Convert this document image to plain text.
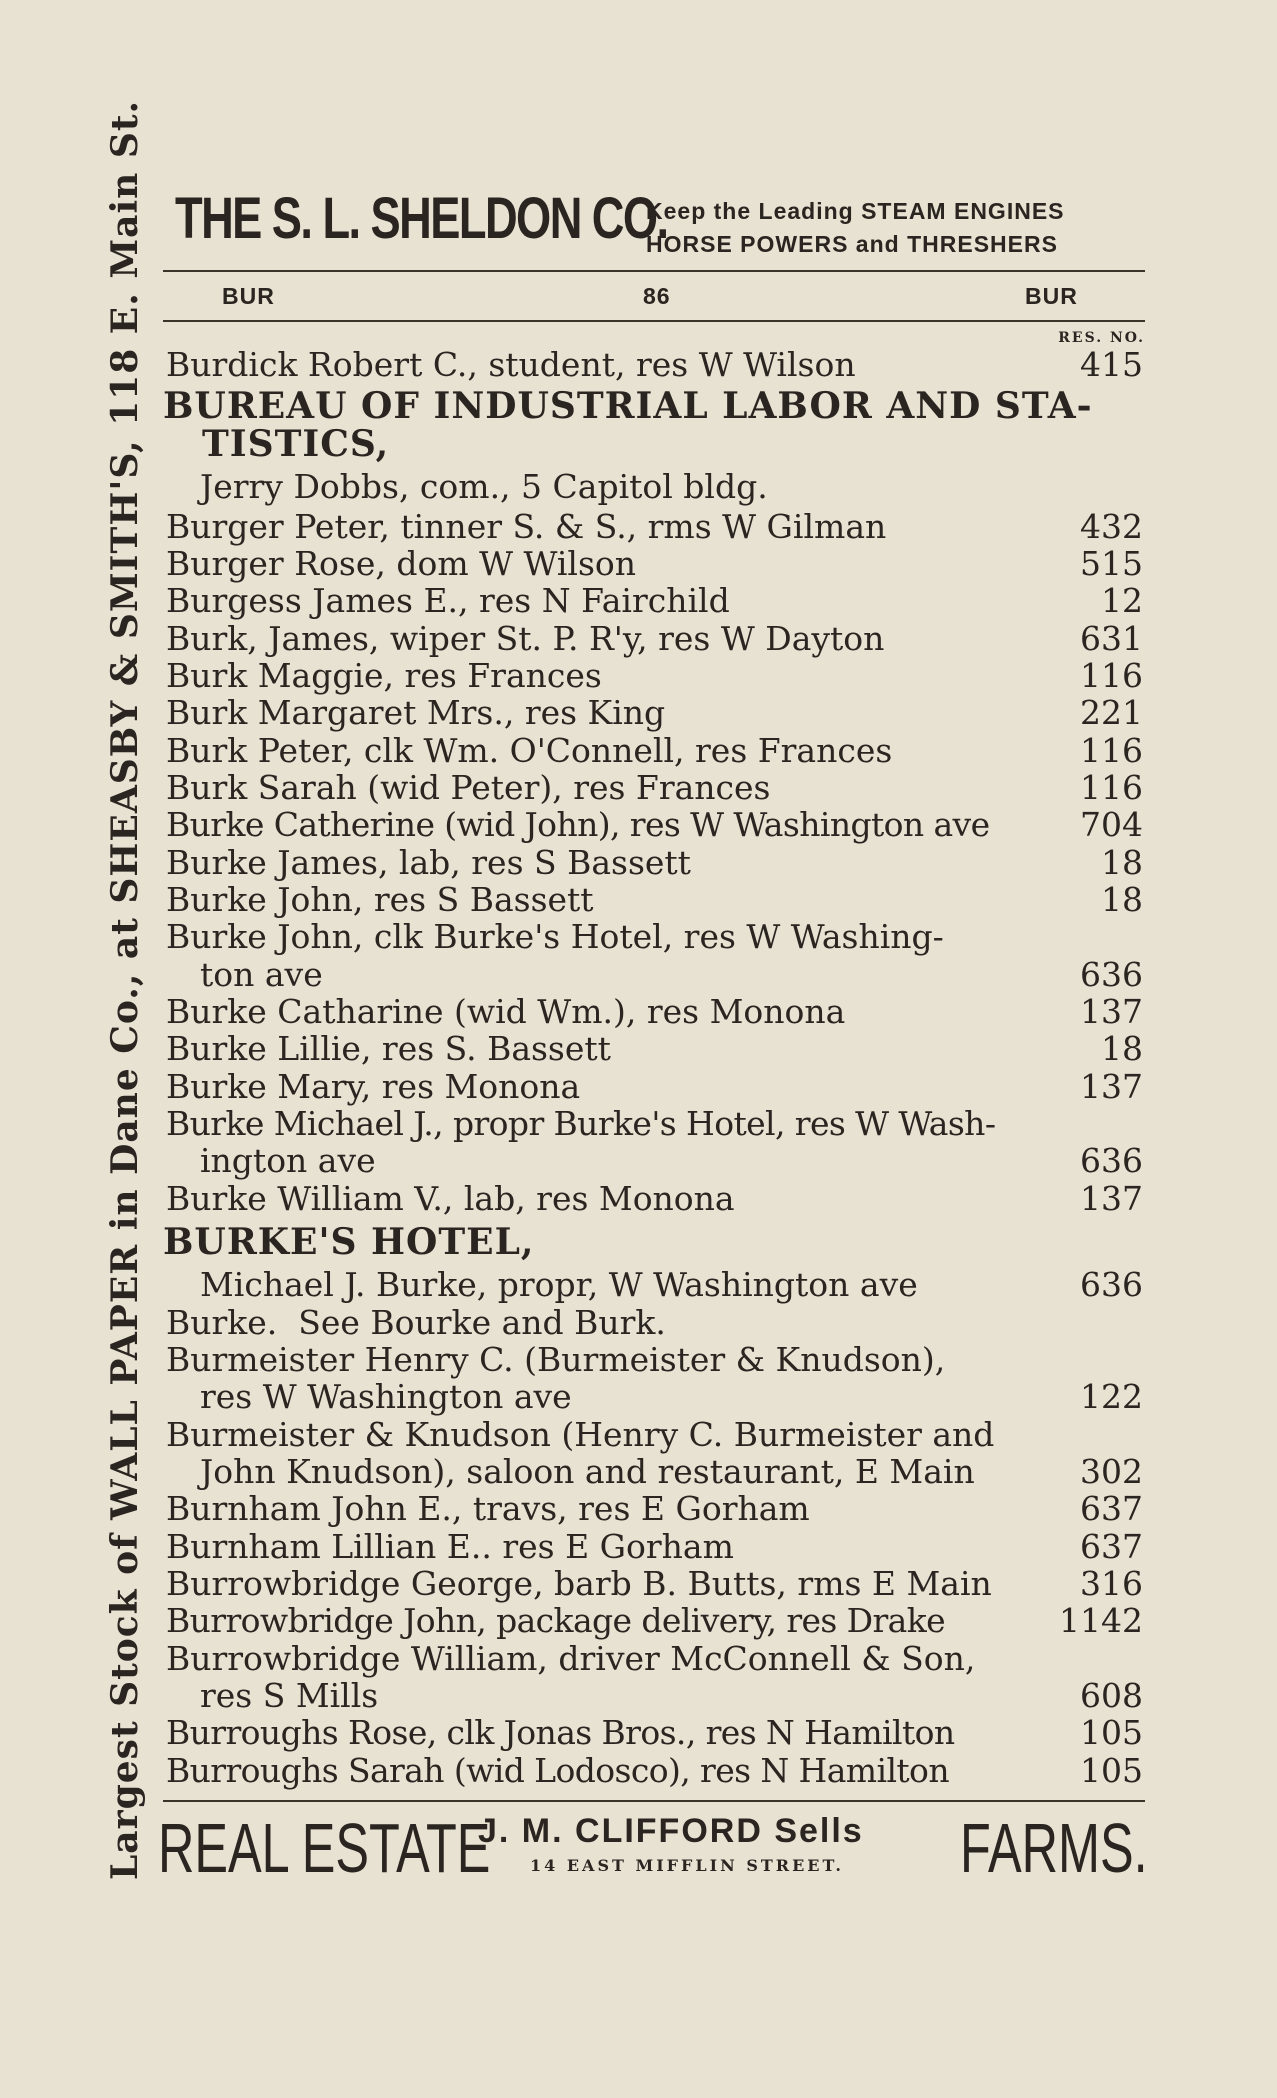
Largest Stock of WALL PAPER in Dane Co., at SHEASBY & SMITH'S, 118 E. Main St. THE S. L. SHELDON CO.
Keep the Leading STEAM ENGINES
HORSE POWERS and THRESHERS
BUR	86	BUR
RES. NO.
Burdick Robert C., student, res W Wilson	415
BUREAU OF INDUSTRIAL LABOR AND STA-
TISTICS,
Jerry Dobbs, com., 5 Capitol bldg.
Burger Peter, tinner S. & S., rms W Gilman	432
Burger Rose, dom W Wilson	515
Burgess James E., res N Fairchild	12
Burk, James, wiper St. P. R'y, res W Dayton	631
Burk Maggie, res Frances	116
Burk Margaret Mrs., res King	221
Burk Peter, clk Wm. O'Connell, res Frances	116
Burk Sarah (wid Peter), res Frances	116
Burke Catherine (wid John), res W Washington ave	704
Burke James, lab, res S Bassett	18
Burke John, res S Bassett	18
Burke John, clk Burke's Hotel, res W Washing-
ton ave	636
Burke Catharine (wid Wm.), res Monona	137
Burke Lillie, res S. Bassett	18
Burke Mary, res Monona	137
Burke Michael J., propr Burke's Hotel, res W Wash-
ington ave	636
Burke William V., lab, res Monona	137
BURKE'S HOTEL,
Michael J. Burke, propr, W Washington ave	636
Burke.  See Bourke and Burk.
Burmeister Henry C. (Burmeister & Knudson),
res W Washington ave	122
Burmeister & Knudson (Henry C. Burmeister and
John Knudson), saloon and restaurant, E Main	302
Burnham John E., travs, res E Gorham	637
Burnham Lillian E.. res E Gorham	637
Burrowbridge George, barb B. Butts, rms E Main	316
Burrowbridge John, package delivery, res Drake	1142
Burrowbridge William, driver McConnell & Son,
res S Mills	608
Burroughs Rose, clk Jonas Bros., res N Hamilton	105
Burroughs Sarah (wid Lodosco), res N Hamilton	105
REAL ESTATE
J. M. CLIFFORD Sells
14 EAST MIFFLIN STREET. FARMS.
